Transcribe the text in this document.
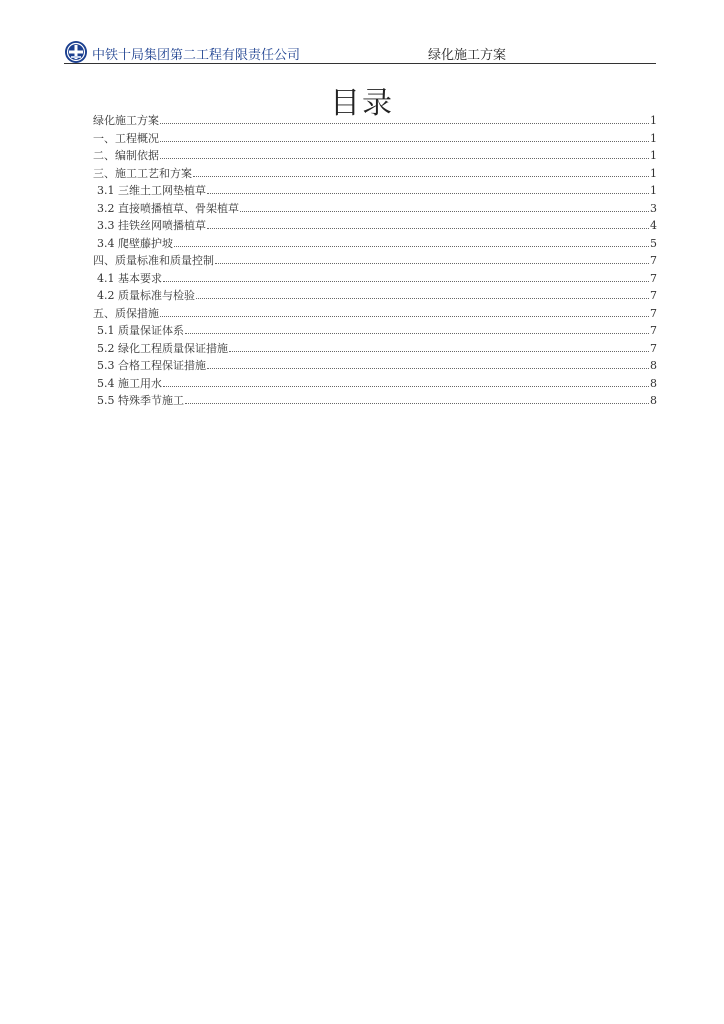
中铁十局集团第二工程有限责任公司	绿化施工方案
目录
绿化施工方案	1
一、工程概况	1
二、编制依据	1
三、施工工艺和方案	1
3.1 三维土工网垫植草	1
3.2 直接喷播植草、骨架植草	3
3.3 挂铁丝网喷播植草	4
3.4 爬壁藤护坡	5
四、质量标准和质量控制	7
4.1 基本要求	7
4.2 质量标准与检验	7
五、质保措施	7
5.1 质量保证体系	7
5.2 绿化工程质量保证措施	7
5.3 合格工程保证措施	8
5.4 施工用水	8
5.5 特殊季节施工	8
